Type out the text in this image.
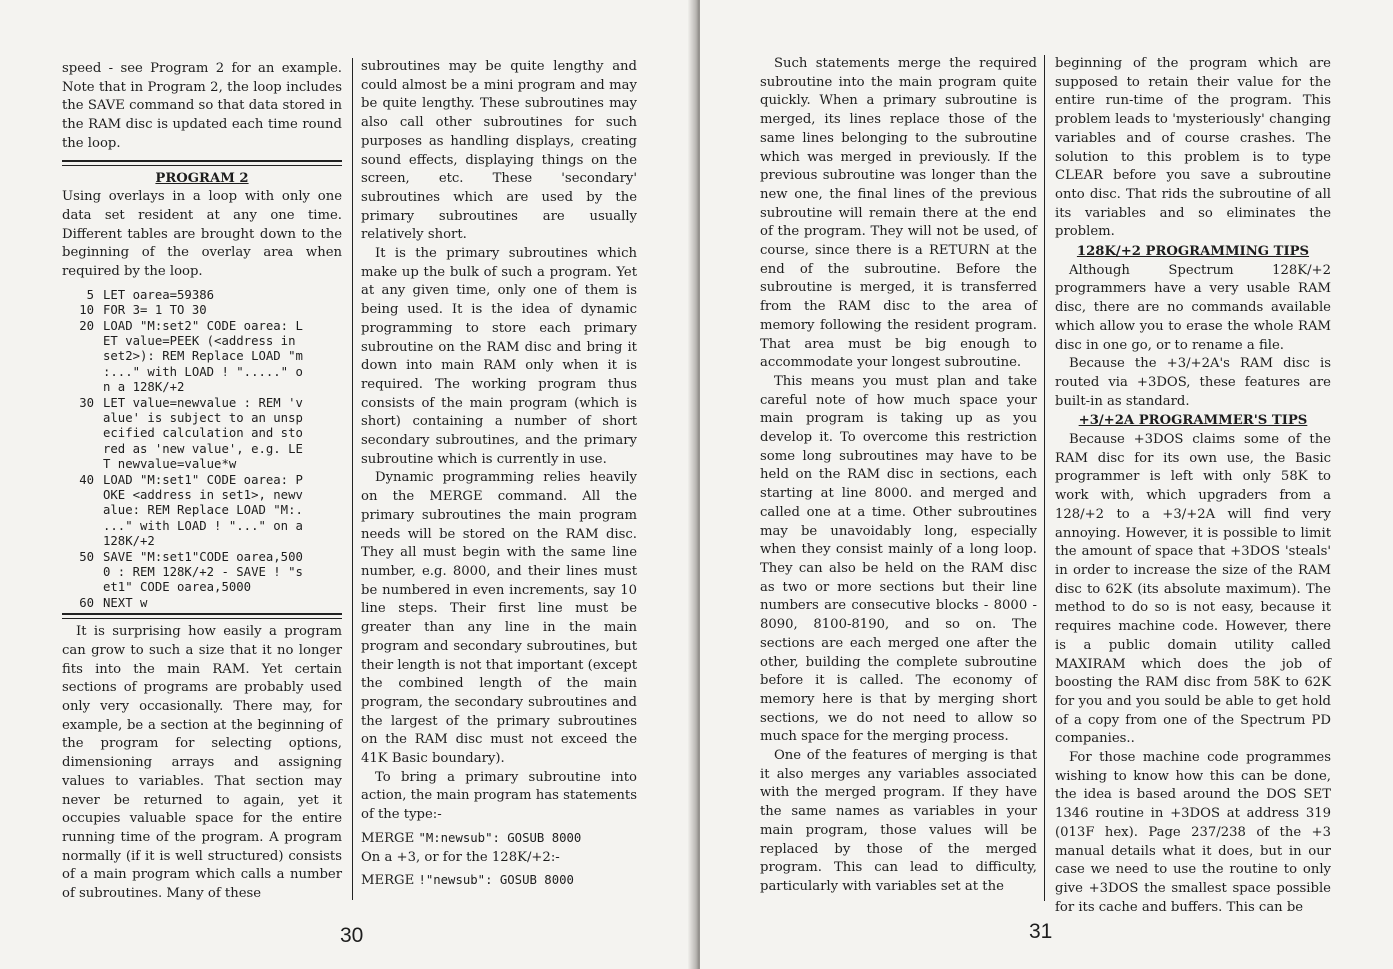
speed - see Program 2 for an example. Note that in Program 2, the loop includes the SAVE command so that data stored in the RAM disc is updated each time round the loop.

PROGRAM 2

Using overlays in a loop with only one data set resident at any one time. Different tables are brought down to the beginning of the overlay area when required by the loop.

5 LET oarea=59386
10 FOR 3= 1 TO 30
20 LOAD "M:set2" CODE oarea: L
ET value=PEEK (<address in
set2>): REM Replace LOAD "m
:..." with LOAD ! "....." o
n a 128K/+2
30 LET value=newvalue : REM 'v
alue' is subject to an unsp
ecified calculation and sto
red as 'new value', e.g. LE
T newvalue=value*w
40 LOAD "M:set1" CODE oarea: P
OKE <address in set1>, newv
alue: REM Replace LOAD "M:.
..." with LOAD ! "..." on a
128K/+2
50 SAVE "M:set1"CODE oarea,500
0 : REM 128K/+2 - SAVE ! "s
et1" CODE oarea,5000
60 NEXT w

It is surprising how easily a program can grow to such a size that it no longer fits into the main RAM. Yet certain sections of programs are probably used only very occasionally. There may, for example, be a section at the beginning of the program for selecting options, dimensioning arrays and assigning values to variables. That section may never be returned to again, yet it occupies valuable space for the entire running time of the program. A program normally (if it is well structured) consists of a main program which calls a number of subroutines. Many of these

subroutines may be quite lengthy and could almost be a mini program and may be quite lengthy. These subroutines may also call other subroutines for such purposes as handling displays, creating sound effects, displaying things on the screen, etc. These 'secondary' subroutines which are used by the primary subroutines are usually relatively short.

It is the primary subroutines which make up the bulk of such a program. Yet at any given time, only one of them is being used. It is the idea of dynamic programming to store each primary subroutine on the RAM disc and bring it down into main RAM only when it is required. The working program thus consists of the main program (which is short) containing a number of short secondary subroutines, and the primary subroutine which is currently in use.

Dynamic programming relies heavily on the MERGE command. All the primary subroutines the main program needs will be stored on the RAM disc. They all must begin with the same line number, e.g. 8000, and their lines must be numbered in even increments, say 10 line steps. Their first line must be greater than any line in the main program and secondary subroutines, but their length is not that important (except the combined length of the main program, the secondary subroutines and the largest of the primary subroutines on the RAM disc must not exceed the 41K Basic boundary).

To bring a primary subroutine into action, the main program has statements of the type:-

MERGE "M:newsub": GOSUB 8000

On a +3, or for the 128K/+2:-

MERGE !"newsub": GOSUB 8000

30

Such statements merge the required subroutine into the main program quite quickly. When a primary subroutine is merged, its lines replace those of the same lines belonging to the subroutine which was merged in previously. If the previous subroutine was longer than the new one, the final lines of the previous subroutine will remain there at the end of the program. They will not be used, of course, since there is a RETURN at the end of the subroutine. Before the subroutine is merged, it is transferred from the RAM disc to the area of memory following the resident program. That area must be big enough to accommodate your longest subroutine.

This means you must plan and take careful note of how much space your main program is taking up as you develop it. To overcome this restriction some long subroutines may have to be held on the RAM disc in sections, each starting at line 8000. and merged and called one at a time. Other subroutines may be unavoidably long, especially when they consist mainly of a long loop. They can also be held on the RAM disc as two or more sections but their line numbers are consecutive blocks - 8000 - 8090, 8100-8190, and so on. The sections are each merged one after the other, building the complete subroutine before it is called. The economy of memory here is that by merging short sections, we do not need to allow so much space for the merging process.

One of the features of merging is that it also merges any variables associated with the merged program. If they have the same names as variables in your main program, those values will be replaced by those of the merged program. This can lead to difficulty, particularly with variables set at the

beginning of the program which are supposed to retain their value for the entire run-time of the program. This problem leads to 'mysteriously' changing variables and of course crashes. The solution to this problem is to type CLEAR before you save a subroutine onto disc. That rids the subroutine of all its variables and so eliminates the problem.

128K/+2 PROGRAMMING TIPS

Although Spectrum 128K/+2 programmers have a very usable RAM disc, there are no commands available which allow you to erase the whole RAM disc in one go, or to rename a file.

Because the +3/+2A's RAM disc is routed via +3DOS, these features are built-in as standard.

+3/+2A PROGRAMMER'S TIPS

Because +3DOS claims some of the RAM disc for its own use, the Basic programmer is left with only 58K to work with, which upgraders from a 128/+2 to a +3/+2A will find very annoying. However, it is possible to limit the amount of space that +3DOS 'steals' in order to increase the size of the RAM disc to 62K (its absolute maximum). The method to do so is not easy, because it requires machine code. However, there is a public domain utility called MAXIRAM which does the job of boosting the RAM disc from 58K to 62K for you and you sould be able to get hold of a copy from one of the Spectrum PD companies..

For those machine code programmes wishing to know how this can be done, the idea is based around the DOS SET 1346 routine in +3DOS at address 319 (013F hex). Page 237/238 of the +3 manual details what it does, but in our case we need to use the routine to only give +3DOS the smallest space possible for its cache and buffers. This can be

31
